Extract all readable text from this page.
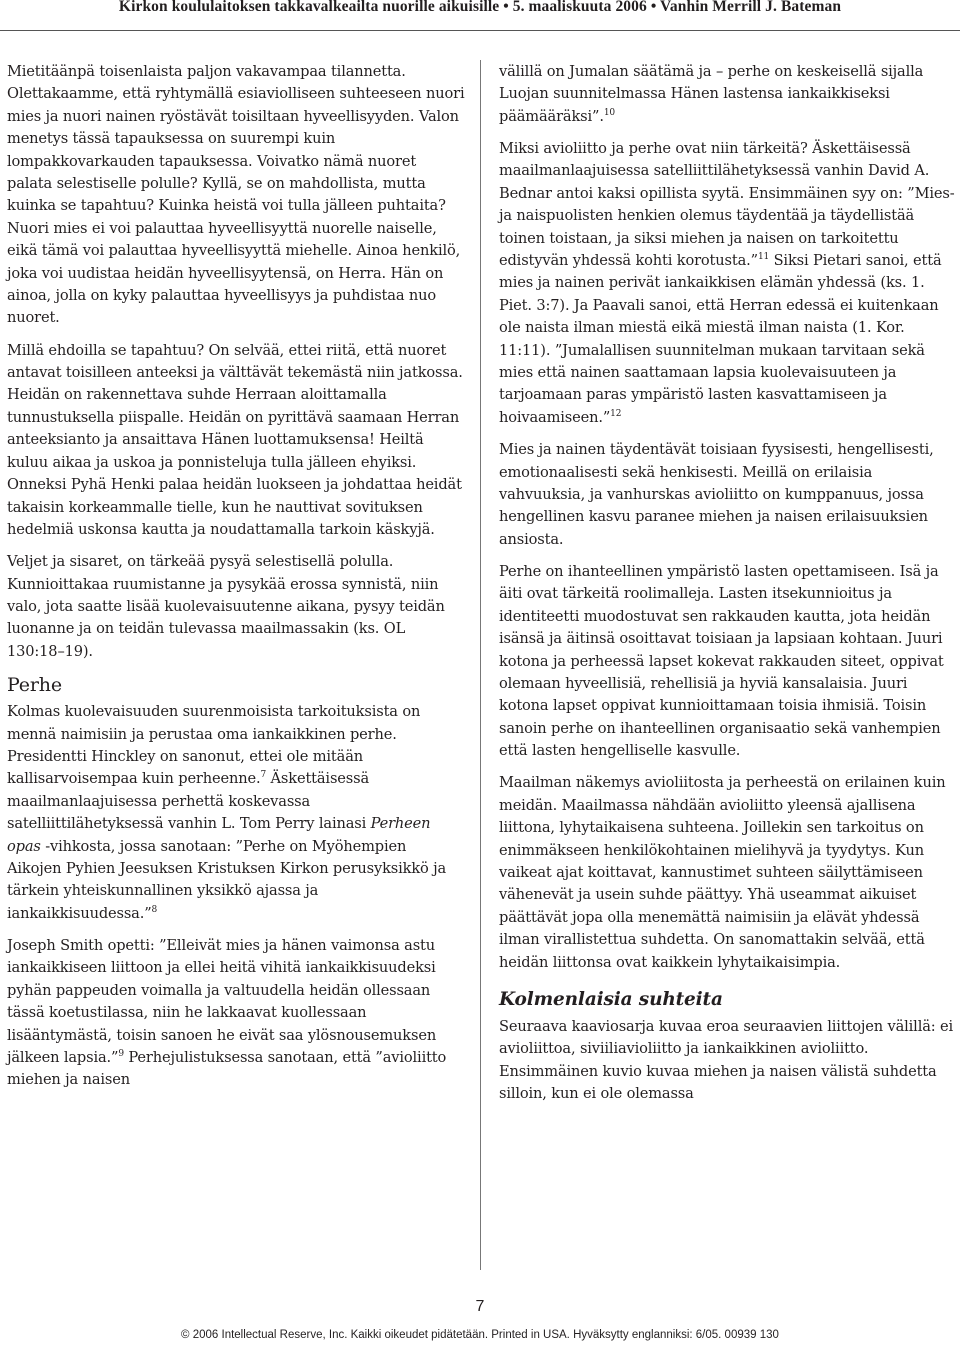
Kirkon koululaitoksen takkavalkeailta nuorille aikuisille • 5. maaliskuuta 2006 • Vanhin Merrill J. Bateman

Mietitäänpä toisenlaista paljon vakavampaa tilannetta. Olettakaamme, että ryhtymällä esiaviolliseen suhteeseen nuori mies ja nuori nainen ryöstävät toisiltaan hyveellisyyden. Valon menetys tässä tapauksessa on suurempi kuin lompakkovarkauden tapauksessa. Voivatko nämä nuoret palata selestiselle polulle? Kyllä, se on mahdollista, mutta kuinka se tapahtuu? Kuinka heistä voi tulla jälleen puhtaita? Nuori mies ei voi palauttaa hyveellisyyttä nuorelle naiselle, eikä tämä voi palauttaa hyveellisyyttä miehelle. Ainoa henkilö, joka voi uudistaa heidän hyveellisyytensä, on Herra. Hän on ainoa, jolla on kyky palauttaa hyveellisyys ja puhdistaa nuo nuoret.

Millä ehdoilla se tapahtuu? On selvää, ettei riitä, että nuoret antavat toisilleen anteeksi ja välttävät tekemästä niin jatkossa. Heidän on rakennettava suhde Herraan aloittamalla tunnustuksella piispalle. Heidän on pyrittävä saamaan Herran anteeksianto ja ansaittava Hänen luottamuksensa! Heiltä kuluu aikaa ja uskoa ja ponnisteluja tulla jälleen ehyiksi. Onneksi Pyhä Henki palaa heidän luokseen ja johdattaa heidät takaisin korkeammalle tielle, kun he nauttivat sovituksen hedelmiä uskonsa kautta ja noudattamalla tarkoin käskyjä.

Veljet ja sisaret, on tärkeää pysyä selestisellä polulla. Kunnioittakaa ruumistanne ja pysykää erossa synnistä, niin valo, jota saatte lisää kuolevaisuutenne aikana, pysyy teidän luonanne ja on teidän tulevassa maailmassakin (ks. OL 130:18–19).

Perhe

Kolmas kuolevaisuuden suurenmoisista tarkoituksista on mennä naimisiin ja perustaa oma iankaikkinen perhe. Presidentti Hinckley on sanonut, ettei ole mitään kallisarvoisempaa kuin perheenne.$^7$ Äskettäisessä maailmanlaajuisessa perhettä koskevassa satelliittilähetyksessä vanhin L. Tom Perry lainasi Perheen opas -vihkosta, jossa sanotaan: ”Perhe on Myöhempien Aikojen Pyhien Jeesuksen Kristuksen Kirkon perusyksikkö ja tärkein yhteiskunnallinen yksikkö ajassa ja iankaikkisuudessa.”$^8$

Joseph Smith opetti: ”Elleivät mies ja hänen vaimonsa astu iankaikkiseen liittoon ja ellei heitä vihitä iankaikkisuudeksi pyhän pappeuden voimalla ja valtuudella heidän ollessaan tässä koetustilassa, niin he lakkaavat kuollessaan lisääntymästä, toisin sanoen he eivät saa ylösnousemuksen jälkeen lapsia.”$^9$ Perhejulistuksessa sanotaan, että ”avioliitto miehen ja naisen

välillä on Jumalan säätämä ja – perhe on keskeisellä sijalla Luojan suunnitelmassa Hänen lastensa iankaikkiseksi päämääräksi”.$^{10}$

Miksi avioliitto ja perhe ovat niin tärkeitä? Äskettäisessä maailmanlaajuisessa satelliittilähetyksessä vanhin David A. Bednar antoi kaksi opillista syytä. Ensimmäinen syy on: ”Mies- ja naispuolisten henkien olemus täydentää ja täydellistää toinen toistaan, ja siksi miehen ja naisen on tarkoitettu edistyvän yhdessä kohti korotusta.”$^{11}$ Siksi Pietari sanoi, että mies ja nainen perivät iankaikkisen elämän yhdessä (ks. 1. Piet. 3:7). Ja Paavali sanoi, että Herran edessä ei kuitenkaan ole naista ilman miestä eikä miestä ilman naista (1. Kor. 11:11). ”Jumalallisen suunnitelman mukaan tarvitaan sekä mies että nainen saattamaan lapsia kuolevaisuuteen ja tarjoamaan paras ympäristö lasten kasvattamiseen ja hoivaamiseen.”$^{12}$

Mies ja nainen täydentävät toisiaan fyysisesti, hengellisesti, emotionaalisesti sekä henkisesti. Meillä on erilaisia vahvuuksia, ja vanhurskas avioliitto on kumppanuus, jossa hengellinen kasvu paranee miehen ja naisen erilaisuuksien ansiosta.

Perhe on ihanteellinen ympäristö lasten opettamiseen. Isä ja äiti ovat tärkeitä roolimalleja. Lasten itsekunnioitus ja identiteetti muodostuvat sen rakkauden kautta, jota heidän isänsä ja äitinsä osoittavat toisiaan ja lapsiaan kohtaan. Juuri kotona ja perheessä lapset kokevat rakkauden siteet, oppivat olemaan hyveellisiä, rehellisiä ja hyviä kansalaisia. Juuri kotona lapset oppivat kunnioittamaan toisia ihmisiä. Toisin sanoin perhe on ihanteellinen organisaatio sekä vanhempien että lasten hengelliselle kasvulle.

Maailman näkemys avioliitosta ja perheestä on erilainen kuin meidän. Maailmassa nähdään avioliitto yleensä ajallisena liittona, lyhytaikaisena suhteena. Joillekin sen tarkoitus on enimmäkseen henkilökohtainen mielihyvä ja tyydytys. Kun vaikeat ajat koittavat, kannustimet suhteen säilyttämiseen vähenevät ja usein suhde päättyy. Yhä useammat aikuiset päättävät jopa olla menemättä naimisiin ja elävät yhdessä ilman virallistettua suhdetta. On sanomattakin selvää, että heidän liittonsa ovat kaikkein lyhytaikaisimpia.

Kolmenlaisia suhteita

Seuraava kaaviosarja kuvaa eroa seuraavien liittojen välillä: ei avioliittoa, siviiliavioliitto ja iankaikkinen avioliitto. Ensimmäinen kuvio kuvaa miehen ja naisen välistä suhdetta silloin, kun ei ole olemassa

7
© 2006 Intellectual Reserve, Inc. Kaikki oikeudet pidätetään. Printed in USA. Hyväksytty englanniksi: 6/05. 00939 130
